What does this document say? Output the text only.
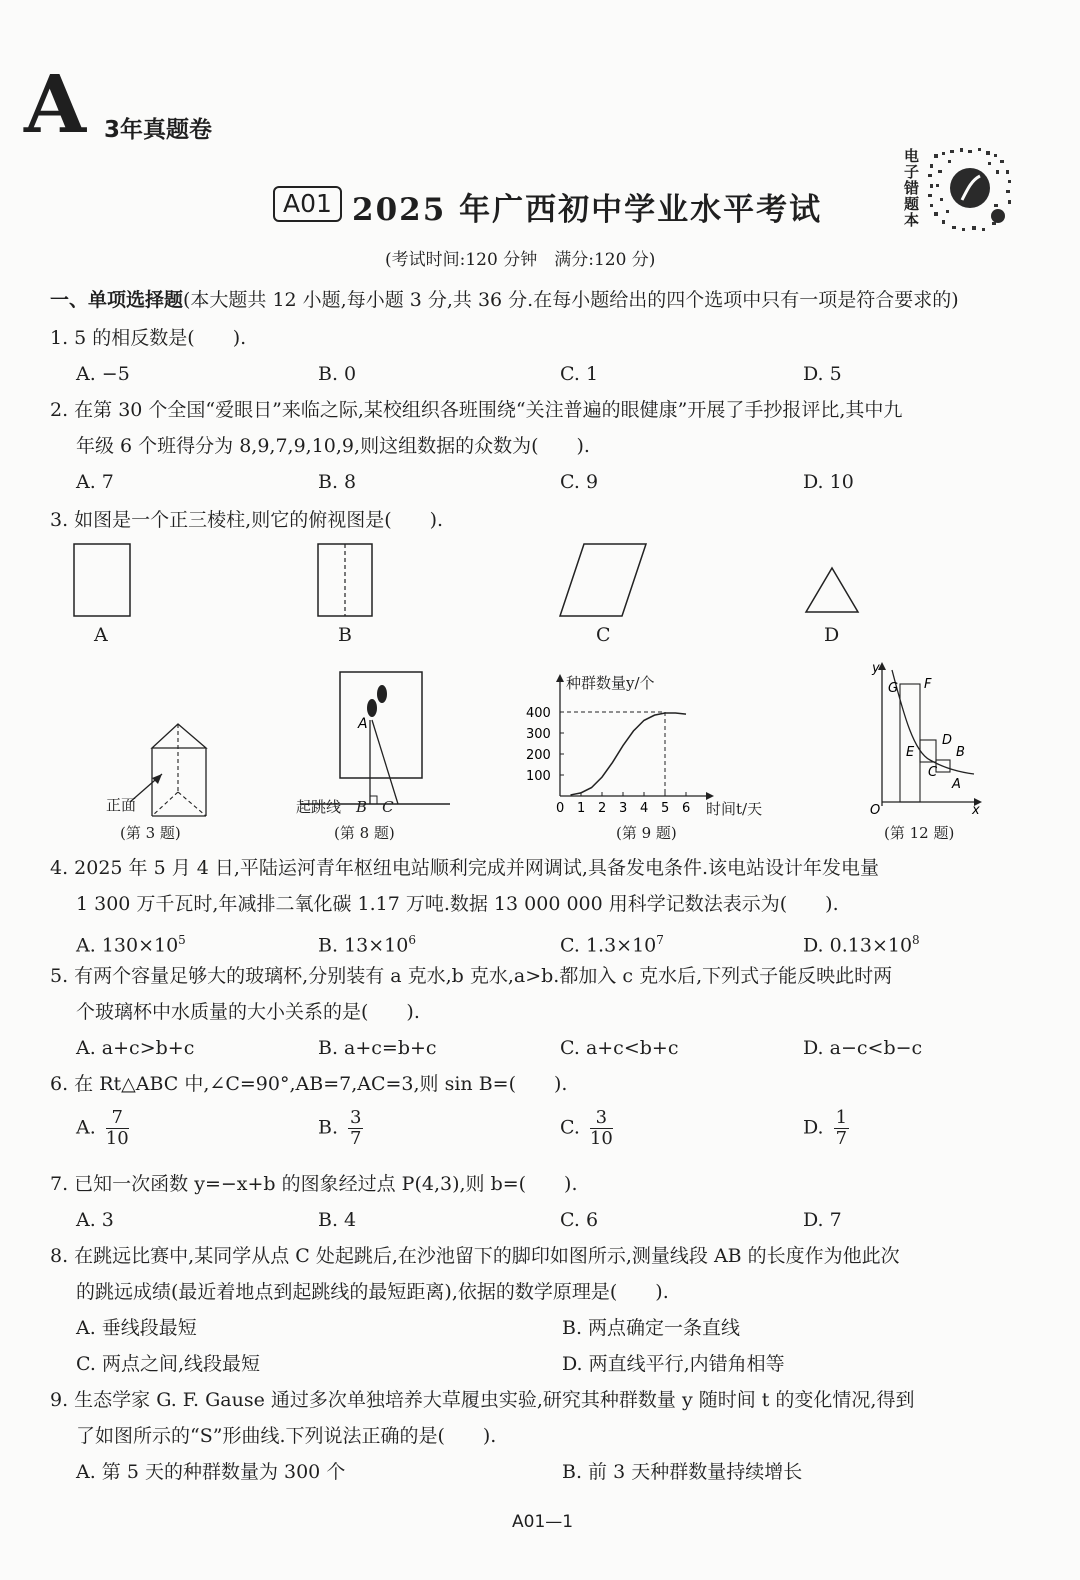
A 3年真题卷
电子错题本
A01 2025 年广西初中学业水平考试
(考试时间:120 分钟　满分:120 分)
一、单项选择题(本大题共 12 小题,每小题 3 分,共 36 分.在每小题给出的四个选项中只有一项是符合要求的)
1. 5 的相反数是(　　).
A. −5	B. 0	C. 1	D. 5
2. 在第 30 个全国“爱眼日”来临之际,某校组织各班围绕“关注普遍的眼健康”开展了手抄报评比,其中九
年级 6 个班得分为 8,9,7,9,10,9,则这组数据的众数为(　　).
A. 7	B. 8	C. 9	D. 10
3. 如图是一个正三棱柱,则它的俯视图是(　　).
A	B	C	D
正面
(第 3 题)
A
起跳线　 B　 C
(第 8 题)
0 1 2 3 4 5 6
100
200
300
400
种群数量y/个
时间t/天
(第 9 题)
y
G F
E
D
B
C
A
O	x
(第 12 题)
4. 2025 年 5 月 4 日,平陆运河青年枢纽电站顺利完成并网调试,具备发电条件.该电站设计年发电量
1 300 万千瓦时,年减排二氧化碳 1.17 万吨.数据 13 000 000 用科学记数法表示为(　　).
A. $130\times 10^5$	B. $13\times 10^6$	C. $1.3\times 10^7$	D. $0.13\times 10^8$
5. 有两个容量足够大的玻璃杯,分别装有 a 克水,b 克水,a>b.都加入 c 克水后,下列式子能反映此时两
个玻璃杯中水质量的大小关系的是(　　).
A. a+c>b+c	B. a+c=b+c	C. a+c<b+c	D. a−c<b−c
6. 在 Rt△ABC 中,∠C=90°,AB=7,AC=3,则 sin B=(　　).
A. $\frac{7}{10}$	B. $\frac{3}{7}$	C. $\frac{3}{10}$	D. $\frac{1}{7}$
7. 已知一次函数 y=−x+b 的图象经过点 P(4,3),则 b=(　　).
A. 3	B. 4	C. 6	D. 7
8. 在跳远比赛中,某同学从点 C 处起跳后,在沙池留下的脚印如图所示,测量线段 AB 的长度作为他此次
的跳远成绩(最近着地点到起跳线的最短距离),依据的数学原理是(　　).
A. 垂线段最短	B. 两点确定一条直线
C. 两点之间,线段最短	D. 两直线平行,内错角相等
9. 生态学家 G. F. Gause 通过多次单独培养大草履虫实验,研究其种群数量 y 随时间 t 的变化情况,得到
了如图所示的“S”形曲线.下列说法正确的是(　　).
A. 第 5 天的种群数量为 300 个	B. 前 3 天种群数量持续增长
A01—1
